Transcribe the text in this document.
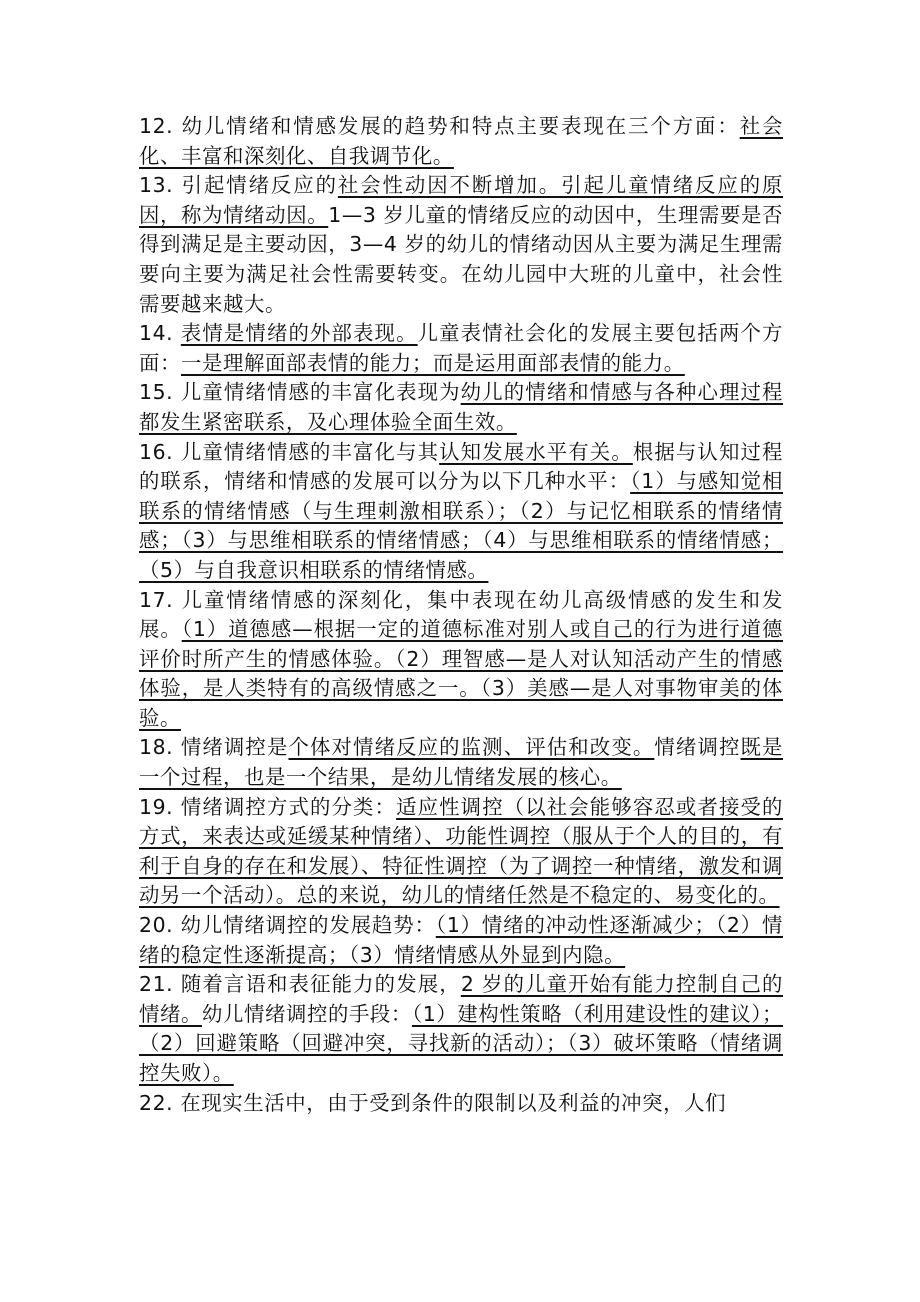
12. 幼儿情绪和情感发展的趋势和特点主要表现在三个方面：社会化、丰富和深刻化、自我调节化。

13. 引起情绪反应的社会性动因不断增加。引起儿童情绪反应的原因，称为情绪动因。1—3 岁儿童的情绪反应的动因中，生理需要是否得到满足是主要动因，3—4 岁的幼儿的情绪动因从主要为满足生理需要向主要为满足社会性需要转变。在幼儿园中大班的儿童中，社会性需要越来越大。

14. 表情是情绪的外部表现。儿童表情社会化的发展主要包括两个方面：一是理解面部表情的能力；而是运用面部表情的能力。

15. 儿童情绪情感的丰富化表现为幼儿的情绪和情感与各种心理过程都发生紧密联系，及心理体验全面生效。

16. 儿童情绪情感的丰富化与其认知发展水平有关。根据与认知过程的联系，情绪和情感的发展可以分为以下几种水平：（1）与感知觉相联系的情绪情感（与生理刺激相联系）；（2）与记忆相联系的情绪情感；（3）与思维相联系的情绪情感；（4）与思维相联系的情绪情感；（5）与自我意识相联系的情绪情感。

17. 儿童情绪情感的深刻化，集中表现在幼儿高级情感的发生和发展。（1）道德感—根据一定的道德标准对别人或自己的行为进行道德评价时所产生的情感体验。（2）理智感—是人对认知活动产生的情感体验，是人类特有的高级情感之一。（3）美感—是人对事物审美的体验。

18. 情绪调控是个体对情绪反应的监测、评估和改变。情绪调控既是一个过程，也是一个结果，是幼儿情绪发展的核心。

19. 情绪调控方式的分类：适应性调控（以社会能够容忍或者接受的方式，来表达或延缓某种情绪）、功能性调控（服从于个人的目的，有利于自身的存在和发展）、特征性调控（为了调控一种情绪，激发和调动另一个活动）。总的来说，幼儿的情绪任然是不稳定的、易变化的。

20. 幼儿情绪调控的发展趋势：（1）情绪的冲动性逐渐减少；（2）情绪的稳定性逐渐提高；（3）情绪情感从外显到内隐。

21. 随着言语和表征能力的发展，2 岁的儿童开始有能力控制自己的情绪。幼儿情绪调控的手段：（1）建构性策略（利用建设性的建议）；（2）回避策略（回避冲突，寻找新的活动）；（3）破坏策略（情绪调控失败）。

22. 在现实生活中，由于受到条件的限制以及利益的冲突，人们
